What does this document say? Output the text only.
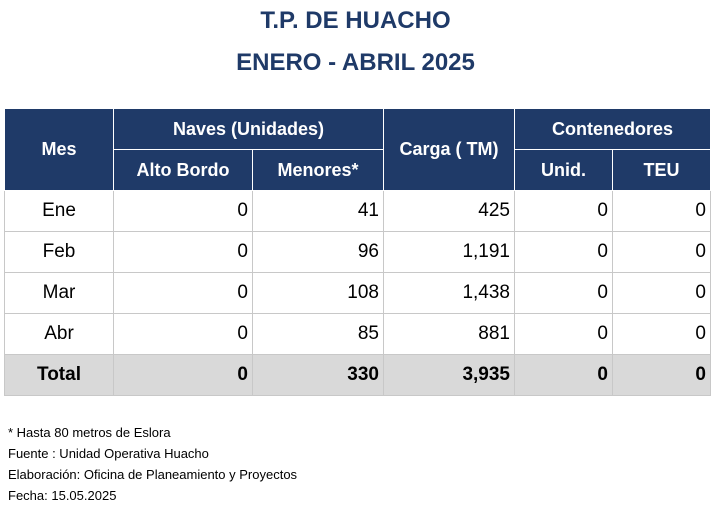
T.P. DE HUACHO
ENERO - ABRIL 2025
Mes	Naves (Unidades)		Carga ( TM)	Contenedores	
	Alto Bordo	Menores*		Unid.	TEU
Ene	0	41	425	0	0
Feb	0	96	1,191	0	0
Mar	0	108	1,438	0	0
Abr	0	85	881	0	0
Total	0	330	3,935	0	0
* Hasta 80 metros de Eslora
Fuente : Unidad Operativa Huacho
Elaboración: Oficina de Planeamiento y Proyectos
Fecha: 15.05.2025
